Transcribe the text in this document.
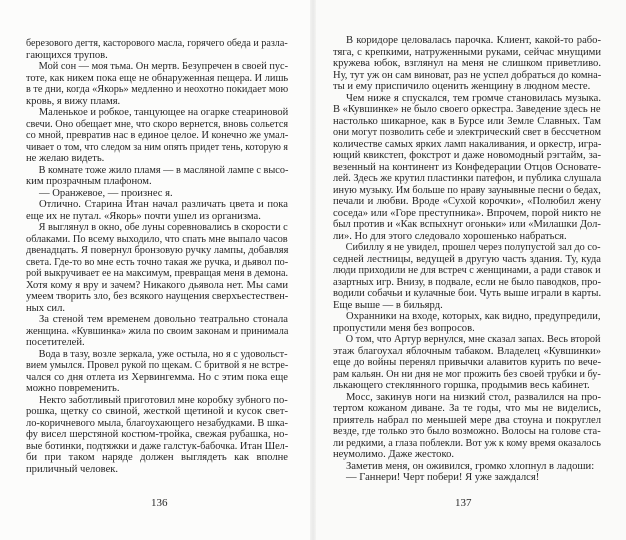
березового дегтя, касторового масла, горячего обеда и разла-
гающихся трупов.
Мой сон — моя тьма. Он мертв. Безупречен в своей пус-
тоте, как никем пока еще не обнаруженная пещера. И лишь
в те дни, когда «Якорь» медленно и неохотно покидает мою
кровь, я вижу пламя.
Маленькое и робкое, танцующее на огарке стеариновой
свечи. Оно обещает мне, что скоро вернется, вновь сольется
со мной, превратив нас в единое целое. И конечно же умал-
чивает о том, что следом за ним опять придет тень, которую я
не желаю видеть.
В комнате тоже жило пламя — в масляной лампе с высо-
ким прозрачным плафоном.
— Оранжевое, — произнес я.
Отлично. Старина Итан начал различать цвета и пока
еще их не путал. «Якорь» почти ушел из организма.
Я выглянул в окно, обе луны соревновались в скорости с
облаками. По всему выходило, что спать мне выпало часов
двенадцать. Я повернул бронзовую ручку лампы, добавляя
света. Где-то во мне есть точно такая же ручка, и дьявол по-
рой выкручивает ее на максимум, превращая меня в демона.
Хотя кому я вру и зачем? Никакого дьявола нет. Мы сами
умеем творить зло, без всякого наущения сверхъестествен-
ных сил.
За стеной тем временем довольно театрально стонала
женщина. «Кувшинка» жила по своим законам и принимала
посетителей.
Вода в тазу, возле зеркала, уже остыла, но я с удовольст-
вием умылся. Провел рукой по щекам. С бритвой я не встре-
чался со дня отлета из Хервингемма. Но с этим пока еще
можно повременить.
Некто заботливый приготовил мне коробку зубного по-
рошка, щетку со свиной, жесткой щетиной и кусок свет-
ло-коричневого мыла, благоухающего незабудками. В шка-
фу висел шерстяной костюм-тройка, свежая рубашка, но-
вые ботинки, подтяжки и даже галстук-бабочка. Итан Шел-
би при таком наряде должен выглядеть как вполне
приличный человек.
136
В коридоре целовалась парочка. Клиент, какой-то рабо-
тяга, с крепкими, натруженными руками, сейчас мнущими
кружева юбок, взглянул на меня не слишком приветливо.
Ну, тут уж он сам виноват, раз не успел добраться до комна-
ты и ему приспичило оценить женщину в людном месте.
Чем ниже я спускался, тем громче становилась музыка.
В «Кувшинке» не было своего оркестра. Заведение здесь не
настолько шикарное, как в Бурсе или Земле Славных. Там
они могут позволить себе и электрический свет в бессчетном
количестве самых ярких ламп накаливания, и оркестр, игра-
ющий квикстеп, фокстрот и даже новомодный рэгтайм, за-
везенный на континент из Конфедерации Отцов Основате-
лей. Здесь же крутил пластинки патефон, и публика слушала
иную музыку. Им больше по нраву заунывные песни о бедах,
печали и любви. Вроде «Сухой корочки», «Полюбил жену
соседа» или «Горе преступника». Впрочем, порой никто не
был против и «Как вспыхнут огоньки» или «Милашки Дол-
ли». Но для этого следовало хорошенько набраться.
Сибиллу я не увидел, прошел через полупустой зал до со-
седней лестницы, ведущей в другую часть здания. Ту, куда
люди приходили не для встреч с женщинами, а ради ставок и
азартных игр. Внизу, в подвале, если не было паводков, про-
водили собачьи и кулачные бои. Чуть выше играли в карты.
Еще выше — в бильярд.
Охранники на входе, которых, как видно, предупредили,
пропустили меня без вопросов.
О том, что Артур вернулся, мне сказал запах. Весь второй
этаж благоухал яблочным табаком. Владелец «Кувшинки»
еще до войны перенял привычки алавитов курить по вече-
рам кальян. Он ни дня не мог прожить без своей трубки и бу-
лькающего стеклянного горшка, продымив весь кабинет.
Мосс, закинув ноги на низкий стол, развалился на про-
тертом кожаном диване. За те годы, что мы не виделись,
приятель набрал по меньшей мере два стоуна и покруглел
везде, где только это было возможно. Волосы на голове ста-
ли редкими, а глаза поблекли. Вот уж к кому время оказалось
неумолимо. Даже жестоко.
Заметив меня, он оживился, громко хлопнул в ладоши:
— Ганнери! Черт побери! Я уже заждался!
137
